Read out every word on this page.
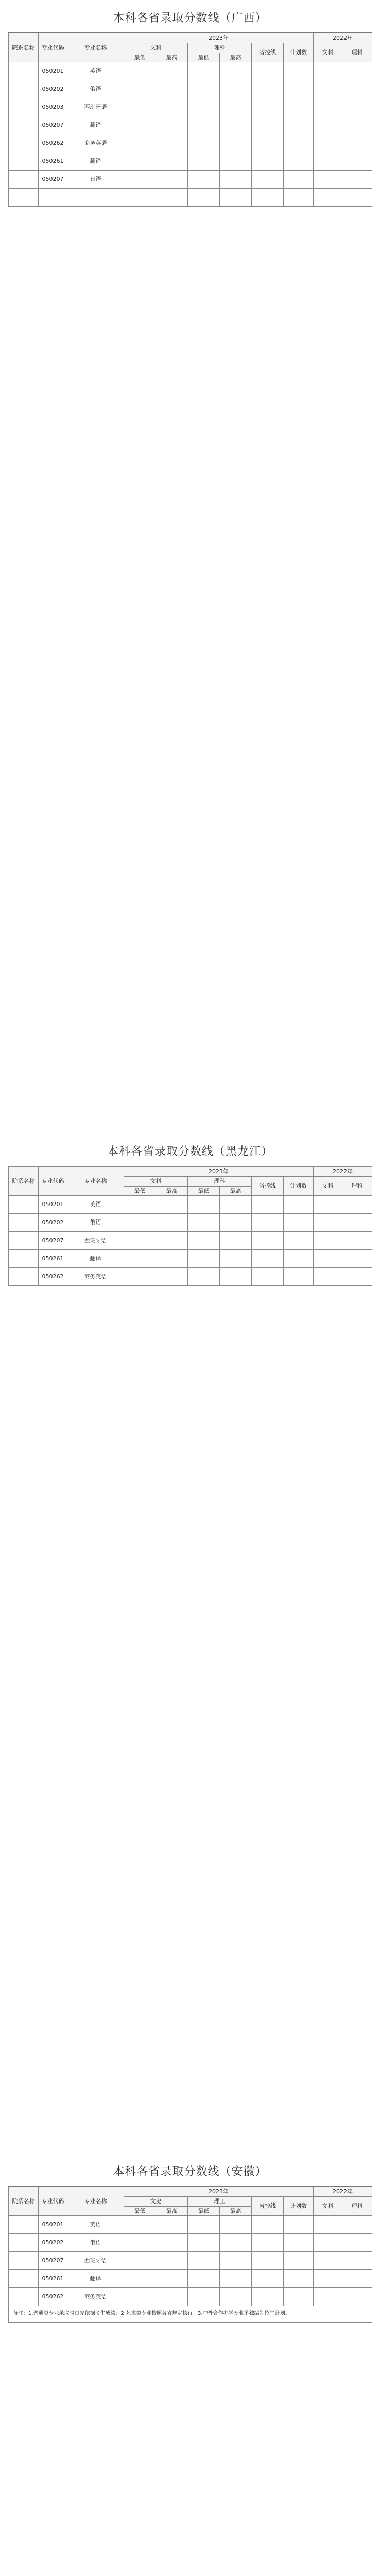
本科各省录取分数线（广西）
院系名称	专业代码	专业名称	2023年						2022年	
			文科		理科		省控线	计划数	文科	理科
			最低	最高	最低	最高				
	050201	英语								
	050202	俄语								
	050203	西班牙语								
	050207	翻译								
	050262	商务英语								
	050261	翻译								
	050207	日语								

本科各省录取分数线（黑龙江）
院系名称	专业代码	专业名称	2023年						2022年	
			文科		理科		省控线	计划数	文科	理科
			最低	最高	最低	最高				
	050201	英语								
	050202	俄语								
	050207	西班牙语								
	050261	翻译								
	050262	商务英语								
本科各省录取分数线（安徽）
院系名称	专业代码	专业名称	2023年						2022年	
			文史		理工		省控线	计划数	文科	理科
			最低	最高	最低	最高				
	050201	英语								
	050202	俄语								
	050207	西班牙语								
	050261	翻译								
	050262	商务英语								
备注：1.普通类专业录取时首先依据考生成绩；2.艺术类专业按照各省规定执行；3.中外合作办学专业单独编制招生计划。										
